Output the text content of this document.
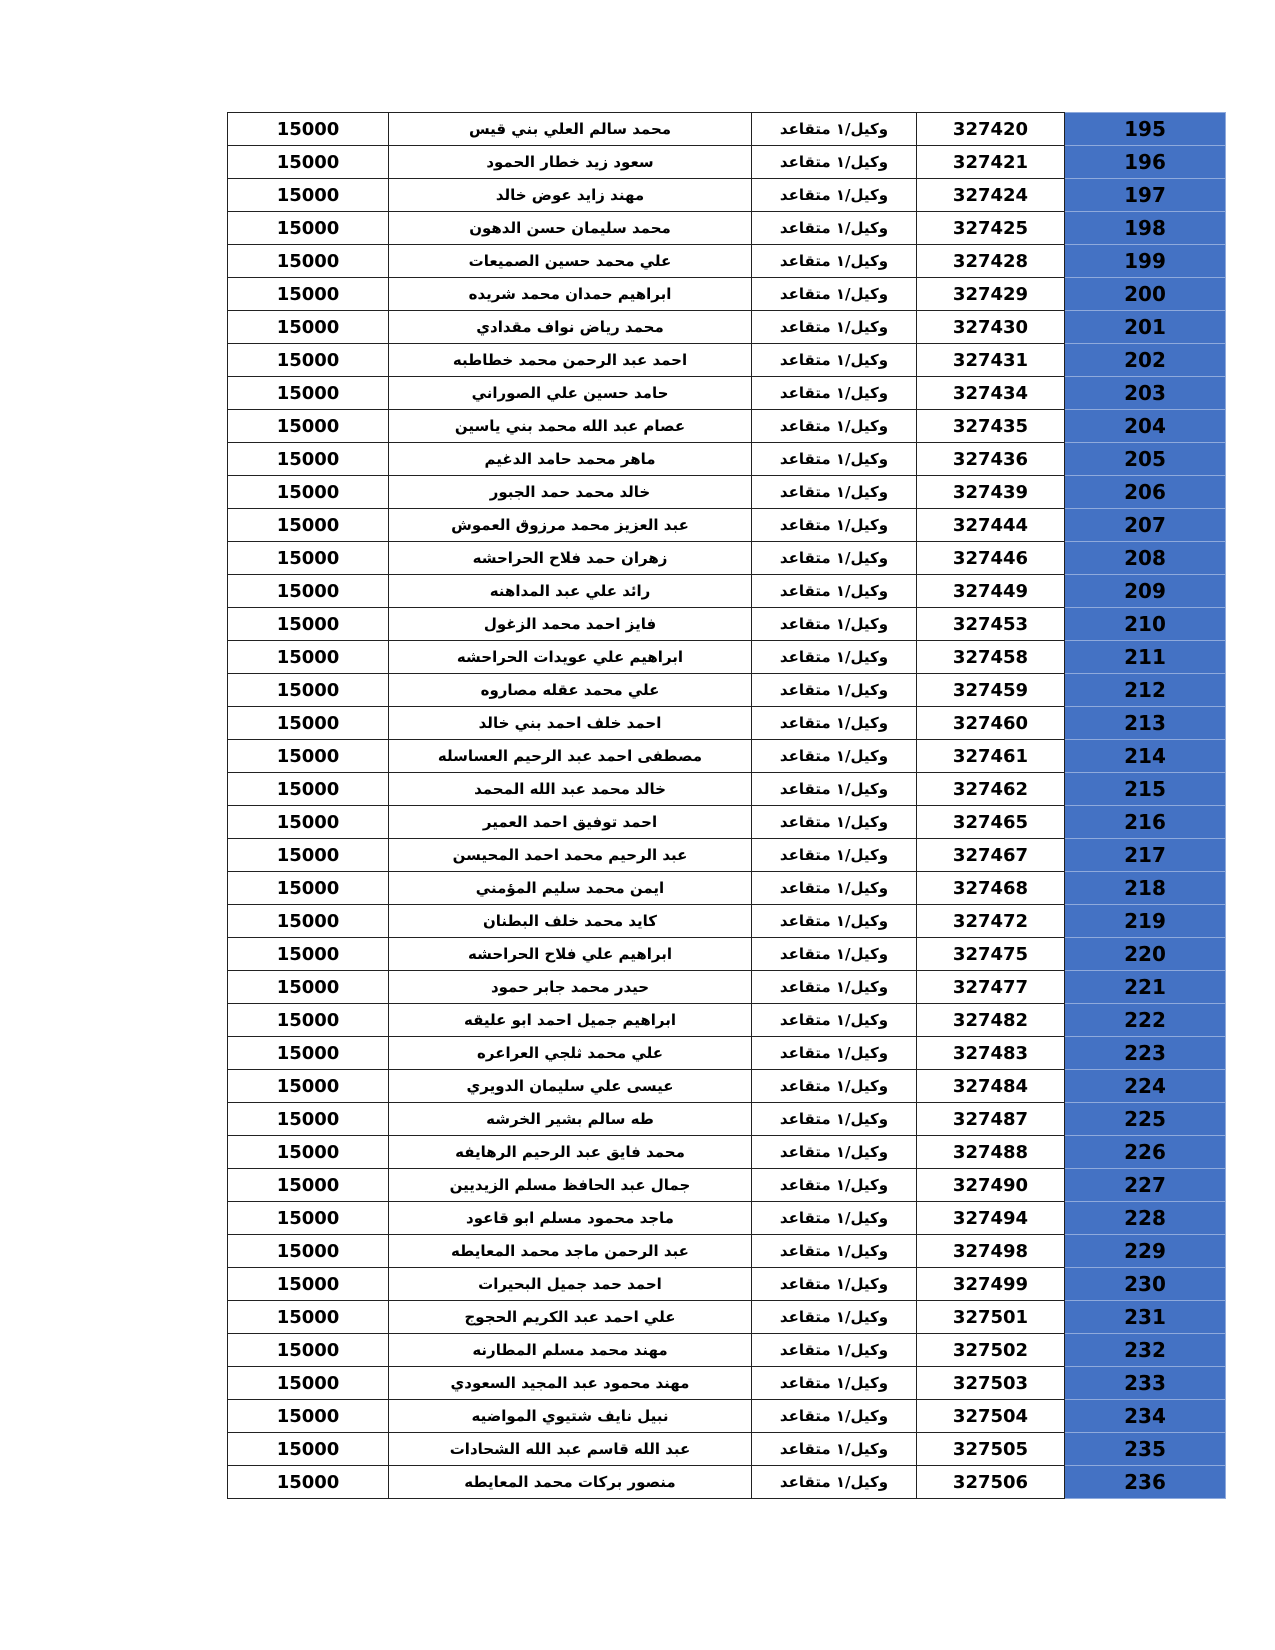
15000	محمد سالم العلي بني قيس	وكيل/١ متقاعد	327420	195
15000	سعود زيد خطار الحمود	وكيل/١ متقاعد	327421	196
15000	مهند زايد عوض خالد	وكيل/١ متقاعد	327424	197
15000	محمد سليمان حسن الدهون	وكيل/١ متقاعد	327425	198
15000	علي محمد حسين الصميعات	وكيل/١ متقاعد	327428	199
15000	ابراهيم حمدان محمد شريده	وكيل/١ متقاعد	327429	200
15000	محمد رياض نواف مقدادي	وكيل/١ متقاعد	327430	201
15000	احمد عبد الرحمن محمد خطاطبه	وكيل/١ متقاعد	327431	202
15000	حامد حسين علي الصوراني	وكيل/١ متقاعد	327434	203
15000	عصام عبد الله محمد بني ياسين	وكيل/١ متقاعد	327435	204
15000	ماهر محمد حامد الدغيم	وكيل/١ متقاعد	327436	205
15000	خالد محمد حمد الجبور	وكيل/١ متقاعد	327439	206
15000	عبد العزيز محمد مرزوق العموش	وكيل/١ متقاعد	327444	207
15000	زهران حمد فلاح الحراحشه	وكيل/١ متقاعد	327446	208
15000	رائد علي عبد المداهنه	وكيل/١ متقاعد	327449	209
15000	فايز احمد محمد الزغول	وكيل/١ متقاعد	327453	210
15000	ابراهيم علي عويدات الحراحشه	وكيل/١ متقاعد	327458	211
15000	علي محمد عقله مصاروه	وكيل/١ متقاعد	327459	212
15000	احمد خلف احمد بني خالد	وكيل/١ متقاعد	327460	213
15000	مصطفى احمد عبد الرحيم العساسله	وكيل/١ متقاعد	327461	214
15000	خالد محمد عبد الله المحمد	وكيل/١ متقاعد	327462	215
15000	احمد توفيق احمد العمير	وكيل/١ متقاعد	327465	216
15000	عبد الرحيم محمد احمد المحيسن	وكيل/١ متقاعد	327467	217
15000	ايمن محمد سليم المؤمني	وكيل/١ متقاعد	327468	218
15000	كايد محمد خلف البطنان	وكيل/١ متقاعد	327472	219
15000	ابراهيم علي فلاح الحراحشه	وكيل/١ متقاعد	327475	220
15000	حيدر محمد جابر حمود	وكيل/١ متقاعد	327477	221
15000	ابراهيم جميل احمد ابو عليقه	وكيل/١ متقاعد	327482	222
15000	علي محمد ثلجي العراعره	وكيل/١ متقاعد	327483	223
15000	عيسى علي سليمان الدويري	وكيل/١ متقاعد	327484	224
15000	طه سالم بشير الخرشه	وكيل/١ متقاعد	327487	225
15000	محمد فايق عبد الرحيم الرهايفه	وكيل/١ متقاعد	327488	226
15000	جمال عبد الحافظ مسلم الزيديين	وكيل/١ متقاعد	327490	227
15000	ماجد محمود مسلم ابو قاعود	وكيل/١ متقاعد	327494	228
15000	عبد الرحمن ماجد محمد المعايطه	وكيل/١ متقاعد	327498	229
15000	احمد حمد جميل البحيرات	وكيل/١ متقاعد	327499	230
15000	علي احمد عبد الكريم الحجوج	وكيل/١ متقاعد	327501	231
15000	مهند محمد مسلم المطارنه	وكيل/١ متقاعد	327502	232
15000	مهند محمود عبد المجيد السعودي	وكيل/١ متقاعد	327503	233
15000	نبيل نايف شتيوي المواضيه	وكيل/١ متقاعد	327504	234
15000	عبد الله قاسم عبد الله الشحادات	وكيل/١ متقاعد	327505	235
15000	منصور بركات محمد المعايطه	وكيل/١ متقاعد	327506	236
